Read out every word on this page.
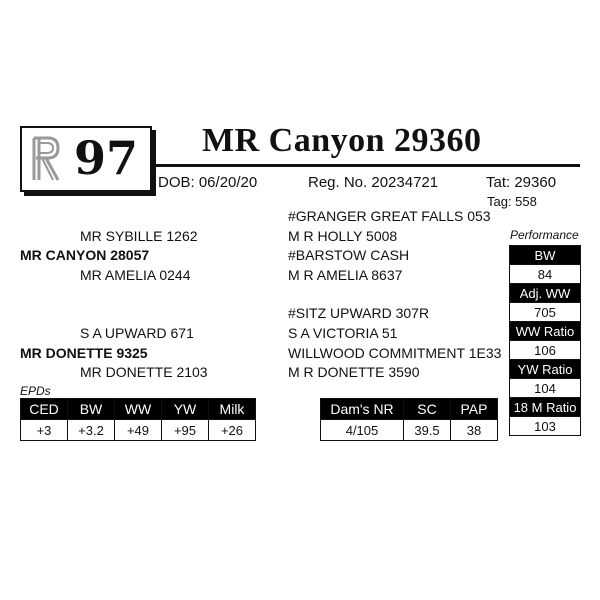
97 MR Canyon 29360
DOB: 06/20/20	Reg. No. 20234721	Tat: 29360
Tag: 558
#GRANGER GREAT FALLS 053
MR SYBILLE 1262	M R HOLLY 5008
MR CANYON 28057	#BARSTOW CASH
MR AMELIA 0244	M R AMELIA 8637
#SITZ UPWARD 307R
S A UPWARD 671	S A VICTORIA 51
MR DONETTE 9325	WILLWOOD COMMITMENT 1E33
MR DONETTE 2103	M R DONETTE 3590
EPDs
CED	BW	WW	YW	Milk
+3	+3.2	+49	+95	+26
Dam's NR	SC	PAP
4/105	39.5	38
Performance
BW
84
Adj. WW
705
WW Ratio
106
YW Ratio
104
18 M Ratio
103
